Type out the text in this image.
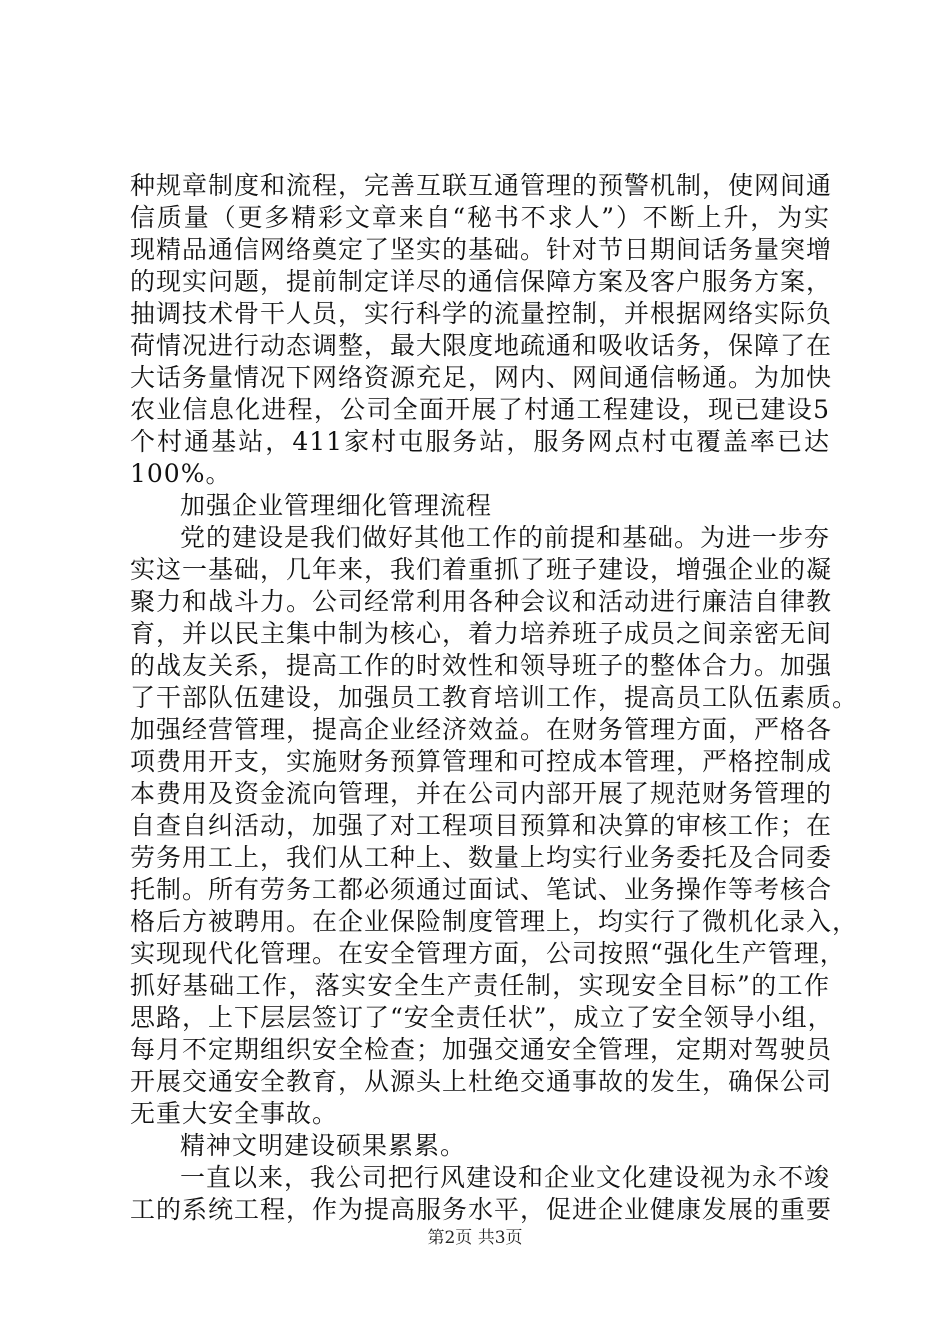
种规章制度和流程，完善互联互通管理的预警机制，使网间通
信质量（更多精彩文章来自“秘书不求人”）不断上升，为实
现精品通信网络奠定了坚实的基础。针对节日期间话务量突增
的现实问题，提前制定详尽的通信保障方案及客户服务方案，
抽调技术骨干人员，实行科学的流量控制，并根据网络实际负
荷情况进行动态调整，最大限度地疏通和吸收话务，保障了在
大话务量情况下网络资源充足，网内、网间通信畅通。为加快
农业信息化进程，公司全面开展了村通工程建设，现已建设5
个村通基站，411家村屯服务站，服务网点村屯覆盖率已达
100%。
加强企业管理细化管理流程
党的建设是我们做好其他工作的前提和基础。为进一步夯
实这一基础，几年来，我们着重抓了班子建设，增强企业的凝
聚力和战斗力。公司经常利用各种会议和活动进行廉洁自律教
育，并以民主集中制为核心，着力培养班子成员之间亲密无间
的战友关系，提高工作的时效性和领导班子的整体合力。加强
了干部队伍建设，加强员工教育培训工作，提高员工队伍素质。
加强经营管理，提高企业经济效益。在财务管理方面，严格各
项费用开支，实施财务预算管理和可控成本管理，严格控制成
本费用及资金流向管理，并在公司内部开展了规范财务管理的
自查自纠活动，加强了对工程项目预算和决算的审核工作；在
劳务用工上，我们从工种上、数量上均实行业务委托及合同委
托制。所有劳务工都必须通过面试、笔试、业务操作等考核合
格后方被聘用。在企业保险制度管理上，均实行了微机化录入，
实现现代化管理。在安全管理方面，公司按照“强化生产管理，
抓好基础工作，落实安全生产责任制，实现安全目标”的工作
思路，上下层层签订了“安全责任状”，成立了安全领导小组，
每月不定期组织安全检查；加强交通安全管理，定期对驾驶员
开展交通安全教育，从源头上杜绝交通事故的发生，确保公司
无重大安全事故。
精神文明建设硕果累累。
一直以来，我公司把行风建设和企业文化建设视为永不竣
工的系统工程，作为提高服务水平，促进企业健康发展的重要
第2页 共3页
